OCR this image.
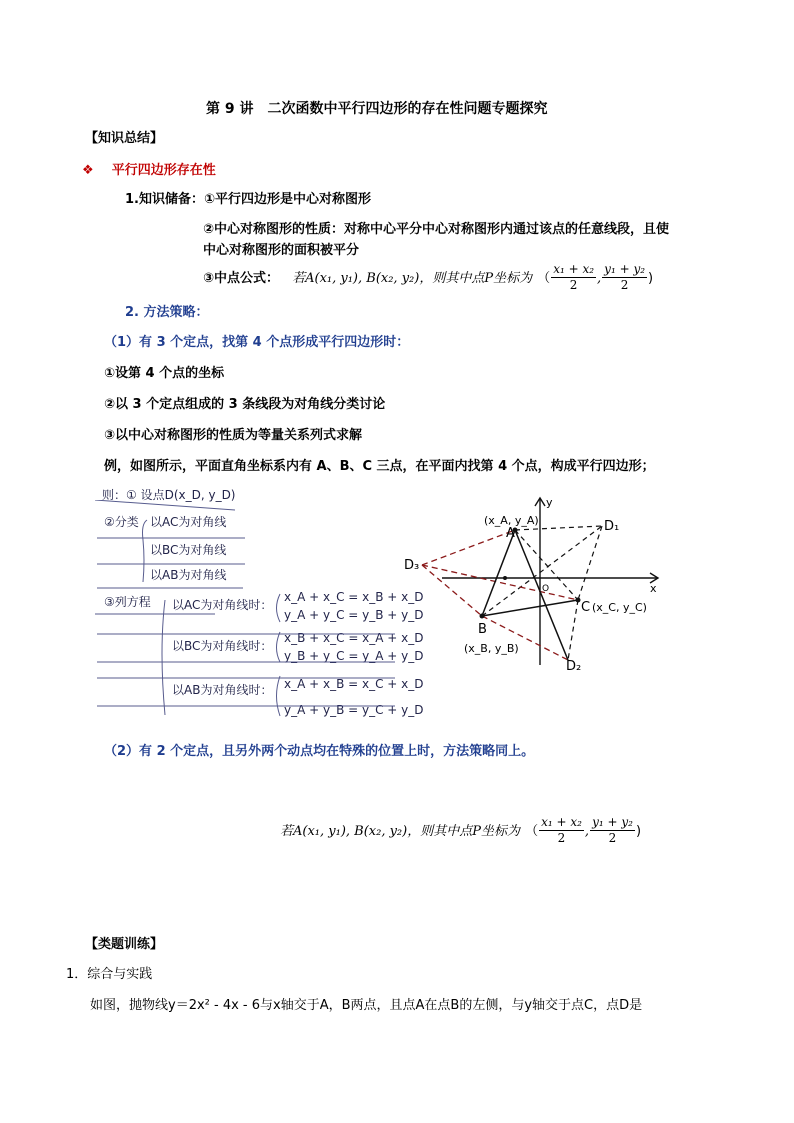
第 9 讲　二次函数中平行四边形的存在性问题专题探究
【知识总结】
❖ 平行四边形存在性
1.知识储备：①平行四边形是中心对称图形
②中心对称图形的性质：对称中心平分中心对称图形内通过该点的任意线段，且使
中心对称图形的面积被平分
③中点公式： 若A(x₁, y₁), B(x₂, y₂)，则其中点P坐标为 （ $\frac{\text{x₁ + x₂}}{2}$ , $\frac{\text{y₁ + y₂}}{2}$ )
2. 方法策略：
（1）有 3 个定点，找第 4 个点形成平行四边形时：
①设第 4 个点的坐标
②以 3 个定点组成的 3 条线段为对角线分类讨论
③以中心对称图形的性质为等量关系列式求解
例，如图所示，平面直角坐标系内有 A、B、C 三点，在平面内找第 4 个点，构成平行四边形；
则：① 设点D(x_D, y_D)
②分类 以AC为对角线
以BC为对角线
以AB为对角线
③列方程 以AC为对角线时：
x_A + x_C = x_B + x_D
y_A + y_C = y_B + y_D
以BC为对角线时：
x_B + x_C = x_A + x_D
y_B + y_C = y_A + y_D
以AB为对角线时： x_A + x_B = x_C + x_D
y_A + y_B = y_C + y_D
A
(x_A, y_A)
B
(x_B, y_B)
C (x_C, y_C)
D₁
D₂
D₃
x
y
O
（2）有 2 个定点，且另外两个动点均在特殊的位置上时，方法策略同上。
若A(x₁, y₁), B(x₂, y₂)，则其中点P坐标为 （ $\frac{\text{x₁ + x₂}}{2}$ , $\frac{\text{y₁ + y₂}}{2}$ )
【类题训练】
1．综合与实践
如图，抛物线y＝2x² - 4x - 6与x轴交于A，B两点，且点A在点B的左侧，与y轴交于点C，点D是
